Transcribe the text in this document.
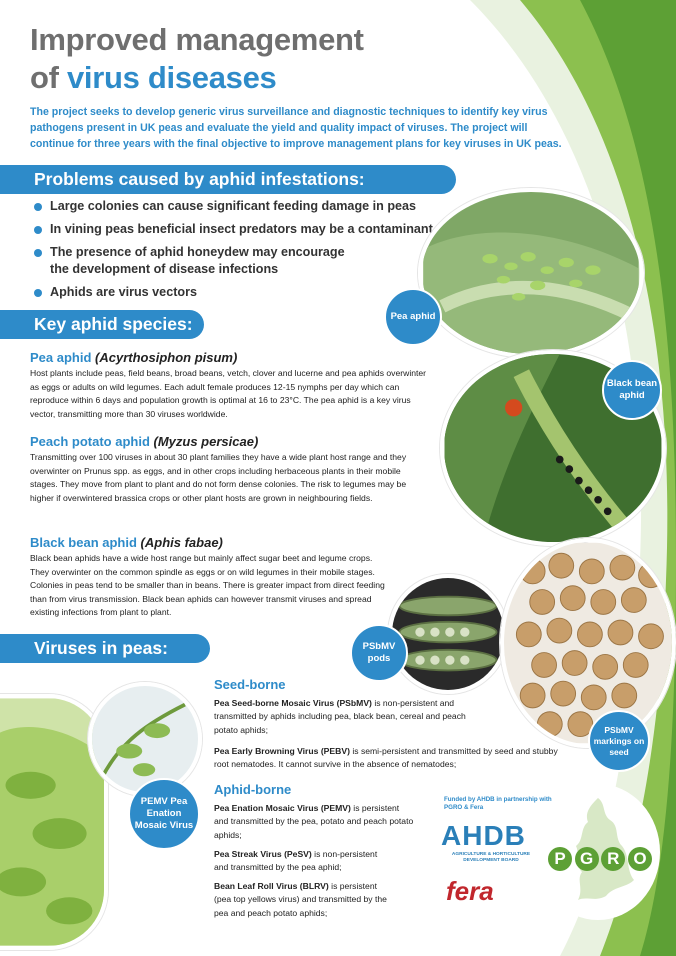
Improved management
of virus diseases
The project seeks to develop generic virus surveillance and diagnostic techniques to identify key virus pathogens present in UK peas and evaluate the yield and quality impact of viruses. The project will continue for three years with the final objective to improve management plans for key viruses in UK peas.
Problems caused by aphid infestations:
Large colonies can cause significant feeding damage in peas
In vining peas beneficial insect predators may be a contaminant
The presence of aphid honeydew may encourage the development of disease infections
Aphids are virus vectors
Key aphid species:
Pea aphid (Acyrthosiphon pisum)
Host plants include peas, field beans, broad beans, vetch, clover and lucerne and pea aphids overwinter as eggs or adults on wild legumes. Each adult female produces 12-15 nymphs per day which can reproduce within 6 days and population growth is optimal at 16 to 23°C. The pea aphid is a key virus vector, transmitting more than 30 viruses worldwide.
Peach potato aphid (Myzus persicae)
Transmitting over 100 viruses in about 30 plant families they have a wide plant host range and they overwinter on Prunus spp. as eggs, and in other crops including herbaceous plants in their mobile stages. They move from plant to plant and do not form dense colonies. The risk to legumes may be higher if overwintered brassica crops or other plant hosts are grown in neighbouring fields.
Black bean aphid (Aphis fabae)
Black bean aphids have a wide host range but mainly affect sugar beet and legume crops. They overwinter on the common spindle as eggs or on wild legumes in their mobile stages. Colonies in peas tend to be smaller than in beans. There is greater impact from direct feeding than from virus transmission. Black bean aphids can however transmit viruses and spread existing infections from plant to plant.
Pea aphid
Black bean aphid
PSbMV pods
PSbMV markings on seed
Viruses in peas:
PEMV Pea Enation Mosaic Virus
Seed-borne
Pea Seed-borne Mosaic Virus (PSbMV) is non-persistent and transmitted by aphids including pea, black bean, cereal and peach potato aphids;
Pea Early Browning Virus (PEBV) is semi-persistent and transmitted by seed and stubby root nematodes. It cannot survive in the absence of nematodes;
Aphid-borne
Pea Enation Mosaic Virus (PEMV) is persistent and transmitted by the pea, potato and peach potato aphids;
Pea Streak Virus (PeSV) is non-persistent and transmitted by the pea aphid;
Bean Leaf Roll Virus (BLRV) is persistent (pea top yellows virus) and transmitted by the pea and peach potato aphids;
Funded by AHDB in partnership with PGRO & Fera
AHDB
AGRICULTURE & HORTICULTURE DEVELOPMENT BOARD
fera
P G R O
